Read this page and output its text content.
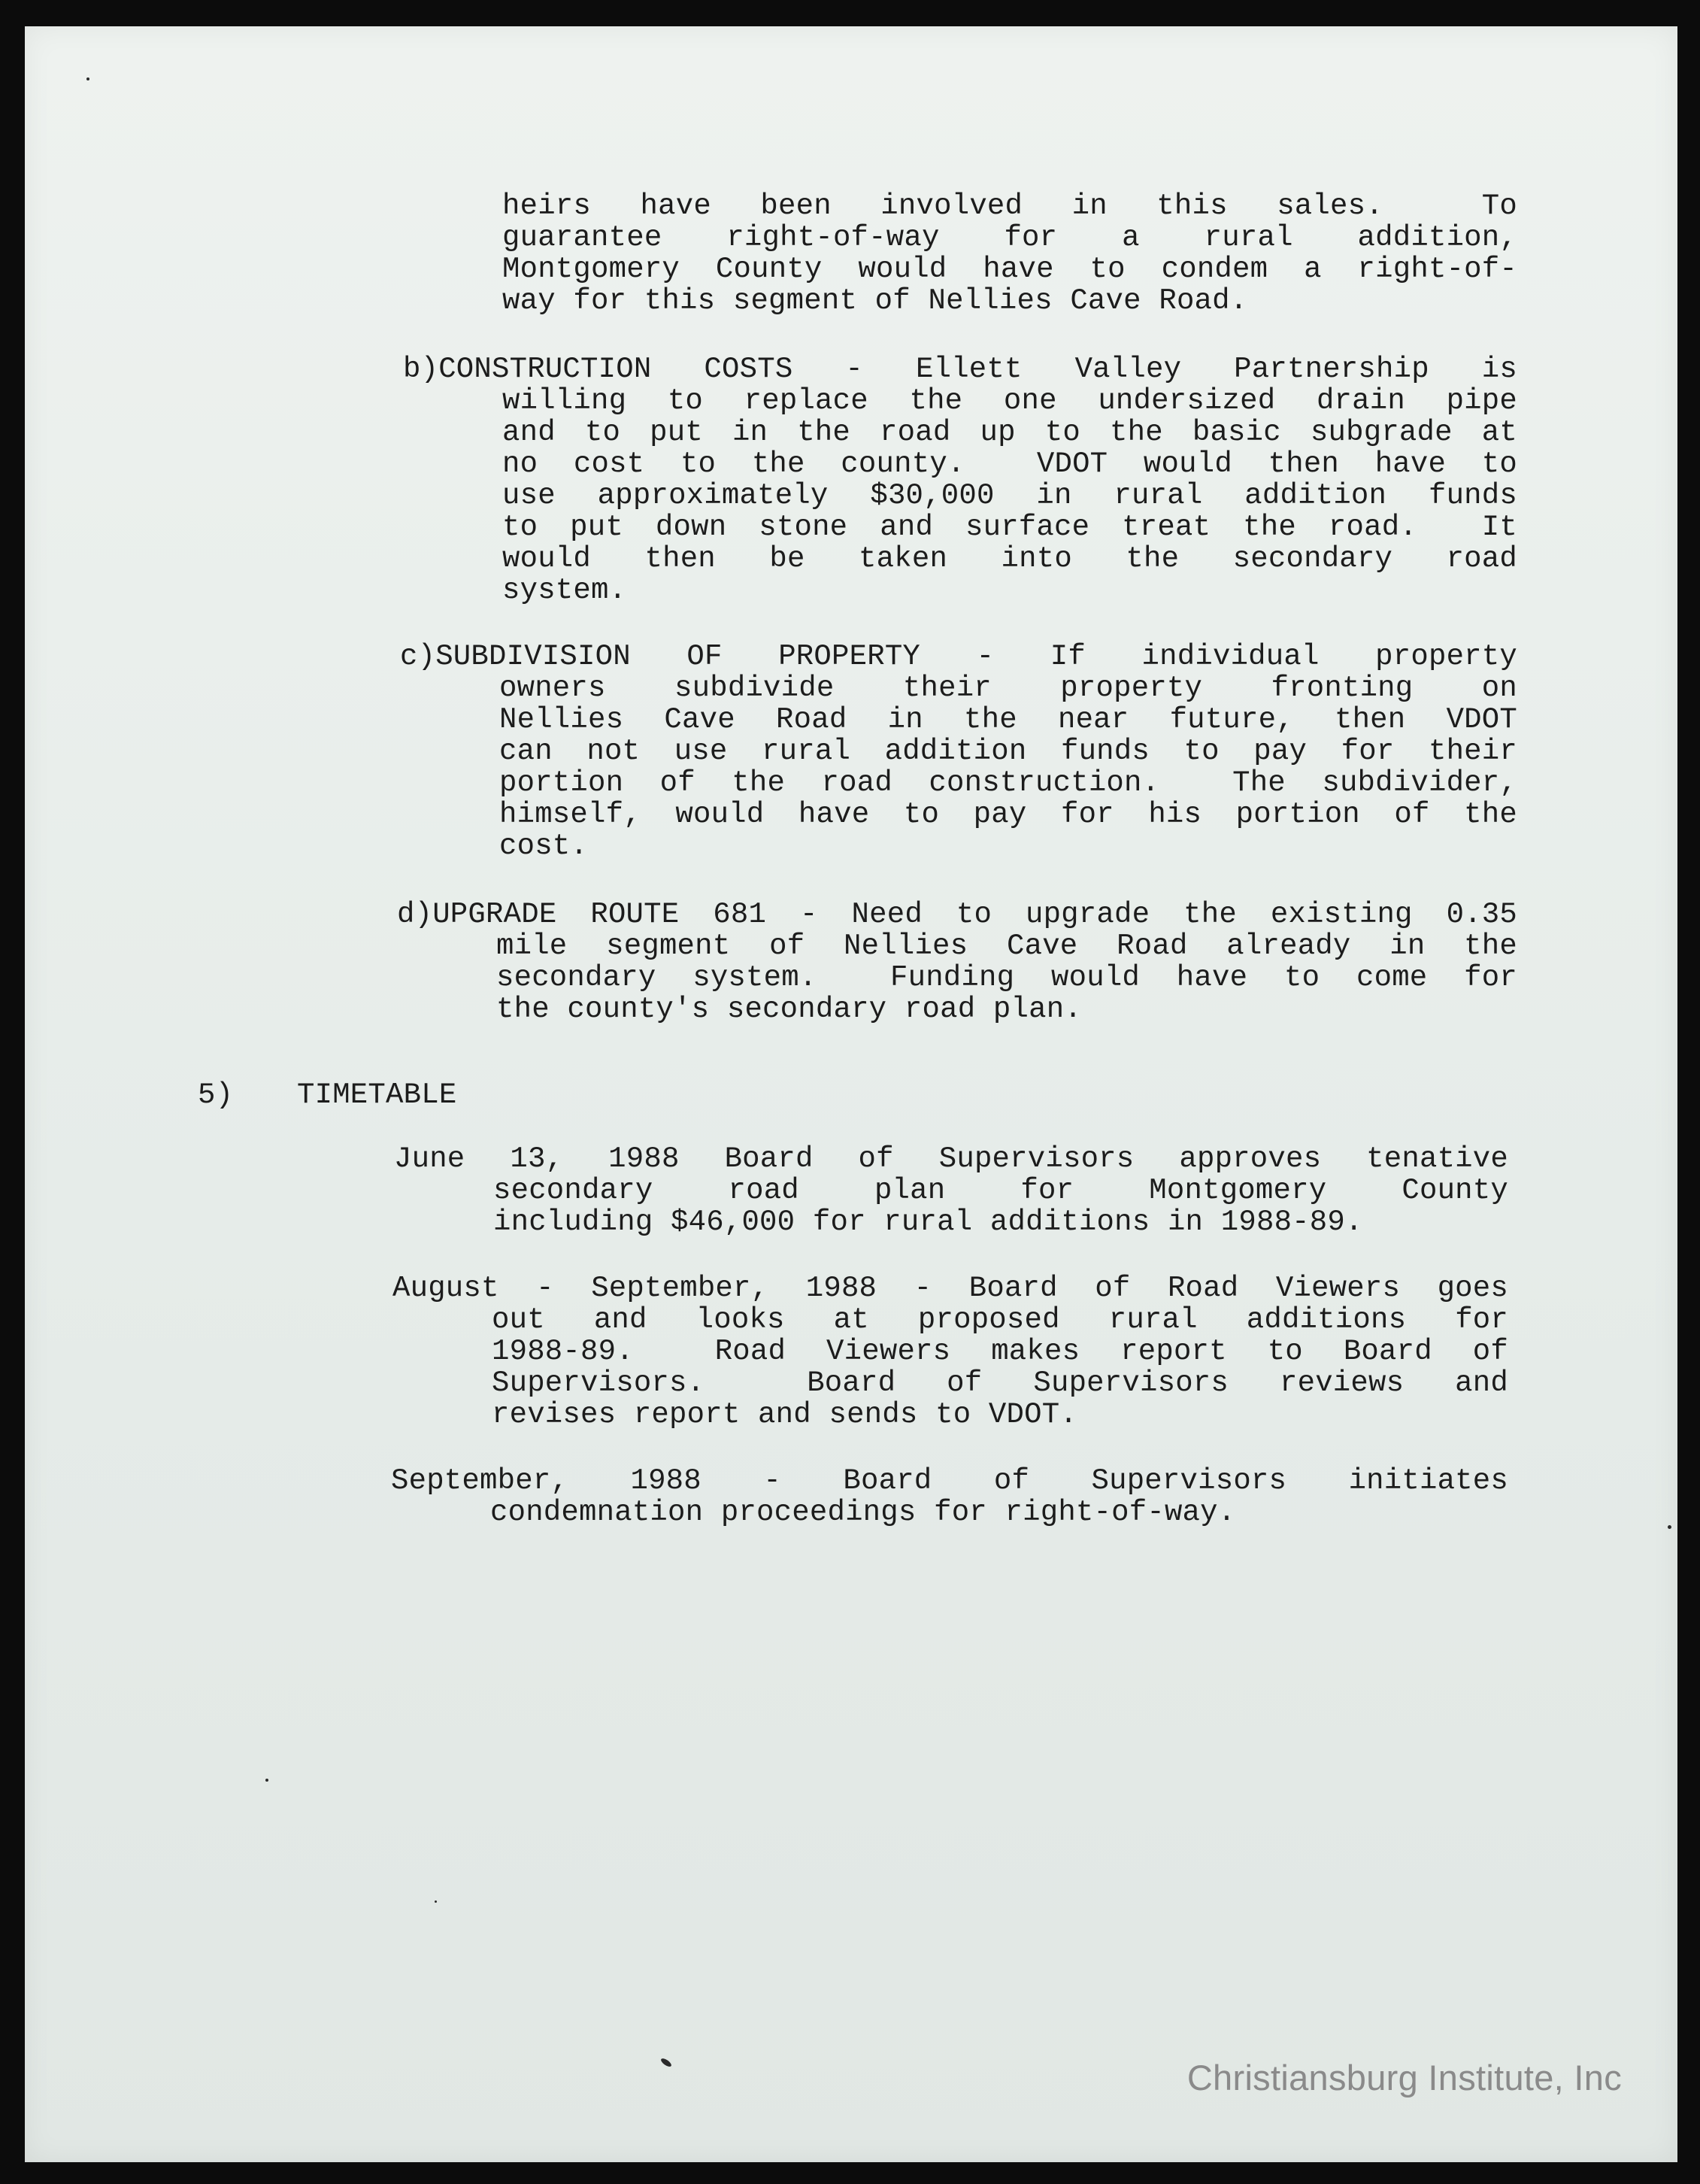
heirs have been involved in this sales.  To
guarantee right-of-way for a rural addition,
Montgomery County would have to condem a right-of-
way for this segment of Nellies Cave Road.
b)CONSTRUCTION COSTS - Ellett Valley Partnership is
willing to replace the one undersized drain pipe
and to put in the road up to the basic subgrade at
no cost to the county.  VDOT would then have to
use approximately $30,000 in rural addition funds
to put down stone and surface treat the road.  It
would then be taken into the secondary road
system.
c)SUBDIVISION OF PROPERTY - If individual property
owners subdivide their property fronting on
Nellies Cave Road in the near future, then VDOT
can not use rural addition funds to pay for their
portion of the road construction.  The subdivider,
himself, would have to pay for his portion of the
cost.
d)UPGRADE ROUTE 681 - Need to upgrade the existing 0.35
mile segment of Nellies Cave Road already in the
secondary system.  Funding would have to come for
the county's secondary road plan.
5) TIMETABLE
June 13, 1988 Board of Supervisors approves tenative
secondary road plan for Montgomery County
including $46,000 for rural additions in 1988-89.
August - September, 1988 - Board of Road Viewers goes
out and looks at proposed rural additions for
1988-89.  Road Viewers makes report to Board of
Supervisors.  Board of Supervisors reviews and
revises report and sends to VDOT.
September, 1988 - Board of Supervisors initiates
condemnation proceedings for right-of-way.
Christiansburg Institute, Inc
